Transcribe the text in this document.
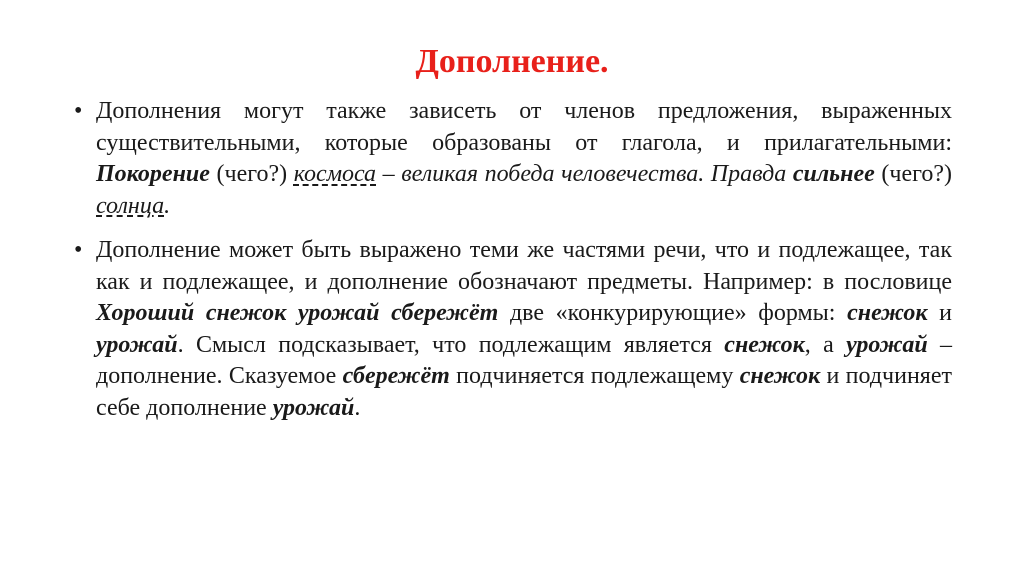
Дополнение.
• Дополнения могут также зависеть от членов предложения, выраженных существительными, которые образованы от глагола, и прилагательными: Покорение (чего?) космоса – великая победа человечества. Правда сильнее (чего?) солнца.
• Дополнение может быть выражено теми же частями речи, что и подлежащее, так как и подлежащее, и дополнение обозначают предметы. Например: в пословице Хороший снежок урожай сбережёт две «конкурирующие» формы: снежок и урожай. Смысл подсказывает, что подлежащим является снежок, а урожай – дополнение. Сказуемое сбережёт подчиняется подлежащему снежок и подчиняет себе дополнение урожай.
